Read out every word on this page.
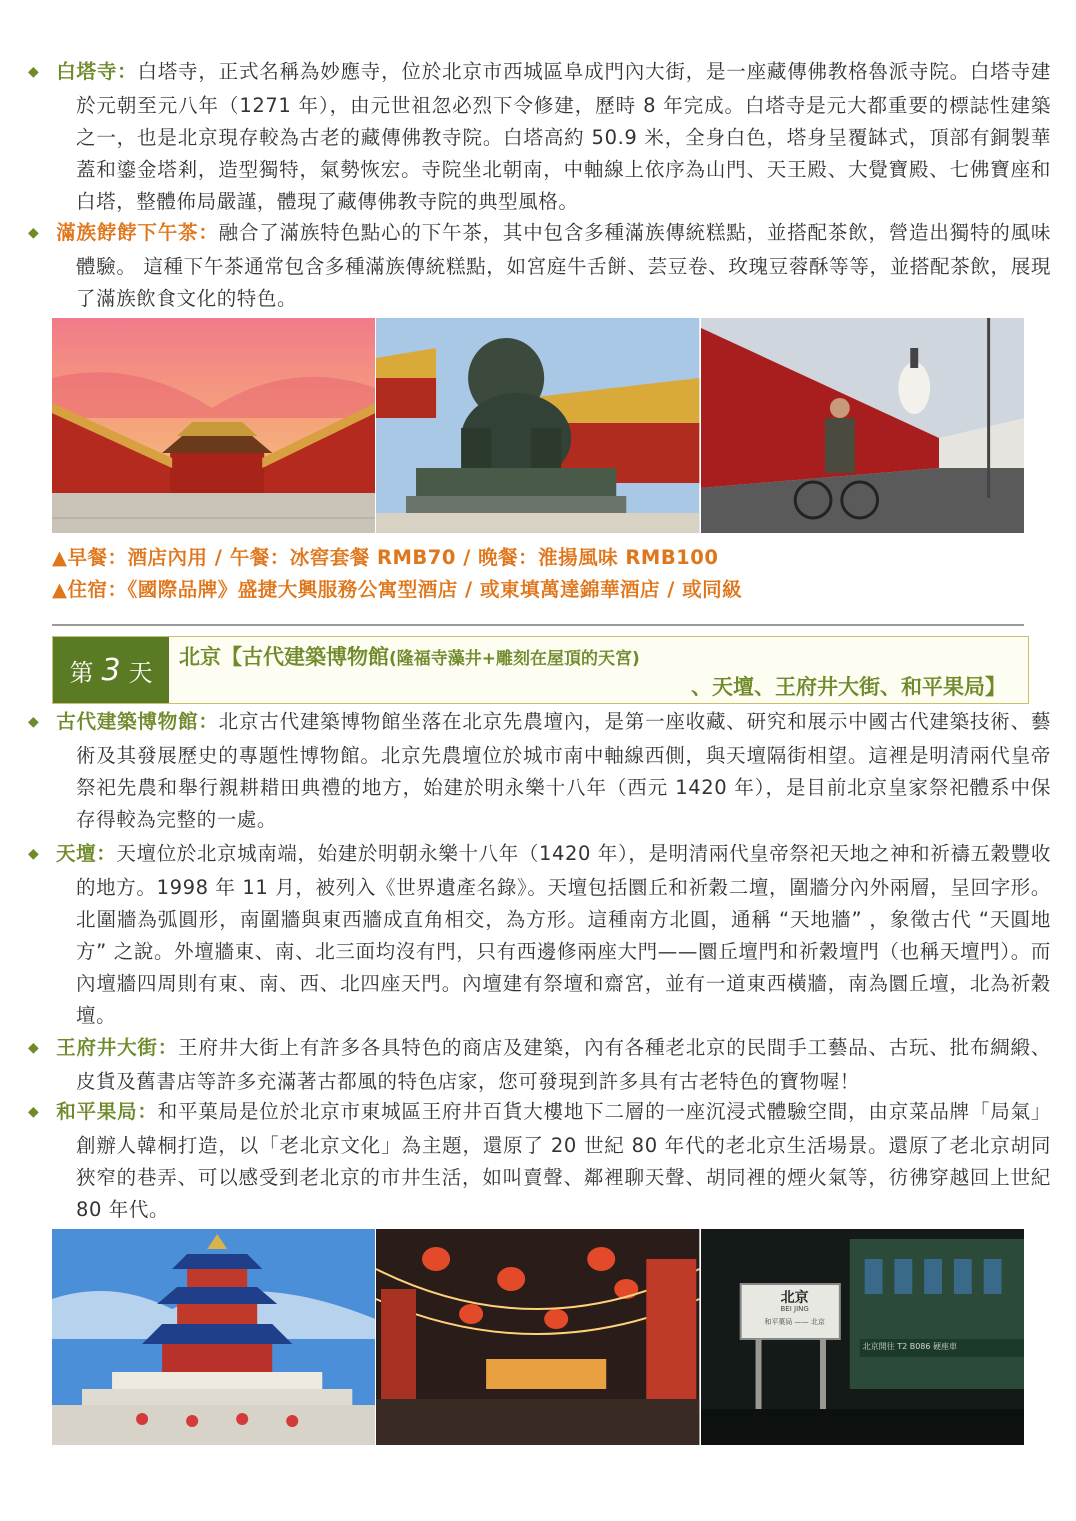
◆ 白塔寺：白塔寺，正式名稱為妙應寺，位於北京市西城區阜成門內大街，是一座藏傳佛教格魯派寺院。白塔寺建於元朝至元八年（1271 年），由元世祖忽必烈下令修建，歷時 8 年完成。白塔寺是元大都重要的標誌性建築之一，也是北京現存較為古老的藏傳佛教寺院。白塔高約 50.9 米，全身白色，塔身呈覆缽式，頂部有銅製華蓋和鎏金塔剎，造型獨特，氣勢恢宏。寺院坐北朝南，中軸線上依序為山門、天王殿、大覺寶殿、七佛寶座和白塔，整體佈局嚴謹，體現了藏傳佛教寺院的典型風格。
◆ 滿族餑餑下午茶：融合了滿族特色點心的下午茶，其中包含多種滿族傳統糕點，並搭配茶飲，營造出獨特的風味體驗。 這種下午茶通常包含多種滿族傳統糕點，如宮庭牛舌餅、芸豆卷、玫瑰豆蓉酥等等，並搭配茶飲，展現了滿族飲食文化的特色。
▲早餐：酒店內用 / 午餐：冰窖套餐 RMB70 / 晚餐：淮揚風味 RMB100
▲住宿：《國際品牌》盛捷大興服務公寓型酒店 / 或東填萬達錦華酒店 / 或同級
第 3 天
北京【古代建築博物館(隆福寺藻井+雕刻在屋頂的天宮)
、天壇、王府井大街、和平果局】
◆ 古代建築博物館：北京古代建築博物館坐落在北京先農壇內，是第一座收藏、研究和展示中國古代建築技術、藝術及其發展歷史的專題性博物館。北京先農壇位於城市南中軸線西側，與天壇隔街相望。這裡是明清兩代皇帝祭祀先農和舉行親耕耤田典禮的地方，始建於明永樂十八年（西元 1420 年），是目前北京皇家祭祀體系中保存得較為完整的一處。
◆ 天壇：天壇位於北京城南端，始建於明朝永樂十八年（1420 年），是明清兩代皇帝祭祀天地之神和祈禱五穀豐收的地方。1998 年 11 月，被列入《世界遺產名錄》。天壇包括圜丘和祈穀二壇，圍牆分內外兩層，呈回字形。北圍牆為弧圓形，南圍牆與東西牆成直角相交，為方形。這種南方北圓，通稱 “天地牆” ，象徵古代 “天圓地方” 之說。外壇牆東、南、北三面均沒有門，只有西邊修兩座大門——圜丘壇門和祈穀壇門（也稱天壇門）。而內壇牆四周則有東、南、西、北四座天門。內壇建有祭壇和齋宮，並有一道東西橫牆，南為圜丘壇，北為祈穀壇。
◆ 王府井大街：王府井大街上有許多各具特色的商店及建築，內有各種老北京的民間手工藝品、古玩、批布綢緞、皮貨及舊書店等許多充滿著古都風的特色店家，您可發現到許多具有古老特色的寶物喔！
◆ 和平果局：和平菓局是位於北京市東城區王府井百貨大樓地下二層的一座沉浸式體驗空間，由京菜品牌「局氣」創辦人韓桐打造，以「老北京文化」為主題，還原了 20 世紀 80 年代的老北京生活場景。還原了老北京胡同狹窄的巷弄、可以感受到老北京的市井生活，如叫賣聲、鄰裡聊天聲、胡同裡的煙火氣等，彷彿穿越回上世紀 80 年代。
北京
BEI JING
和平菓局 —— 北京
北京開往 T2 B086 硬座車
